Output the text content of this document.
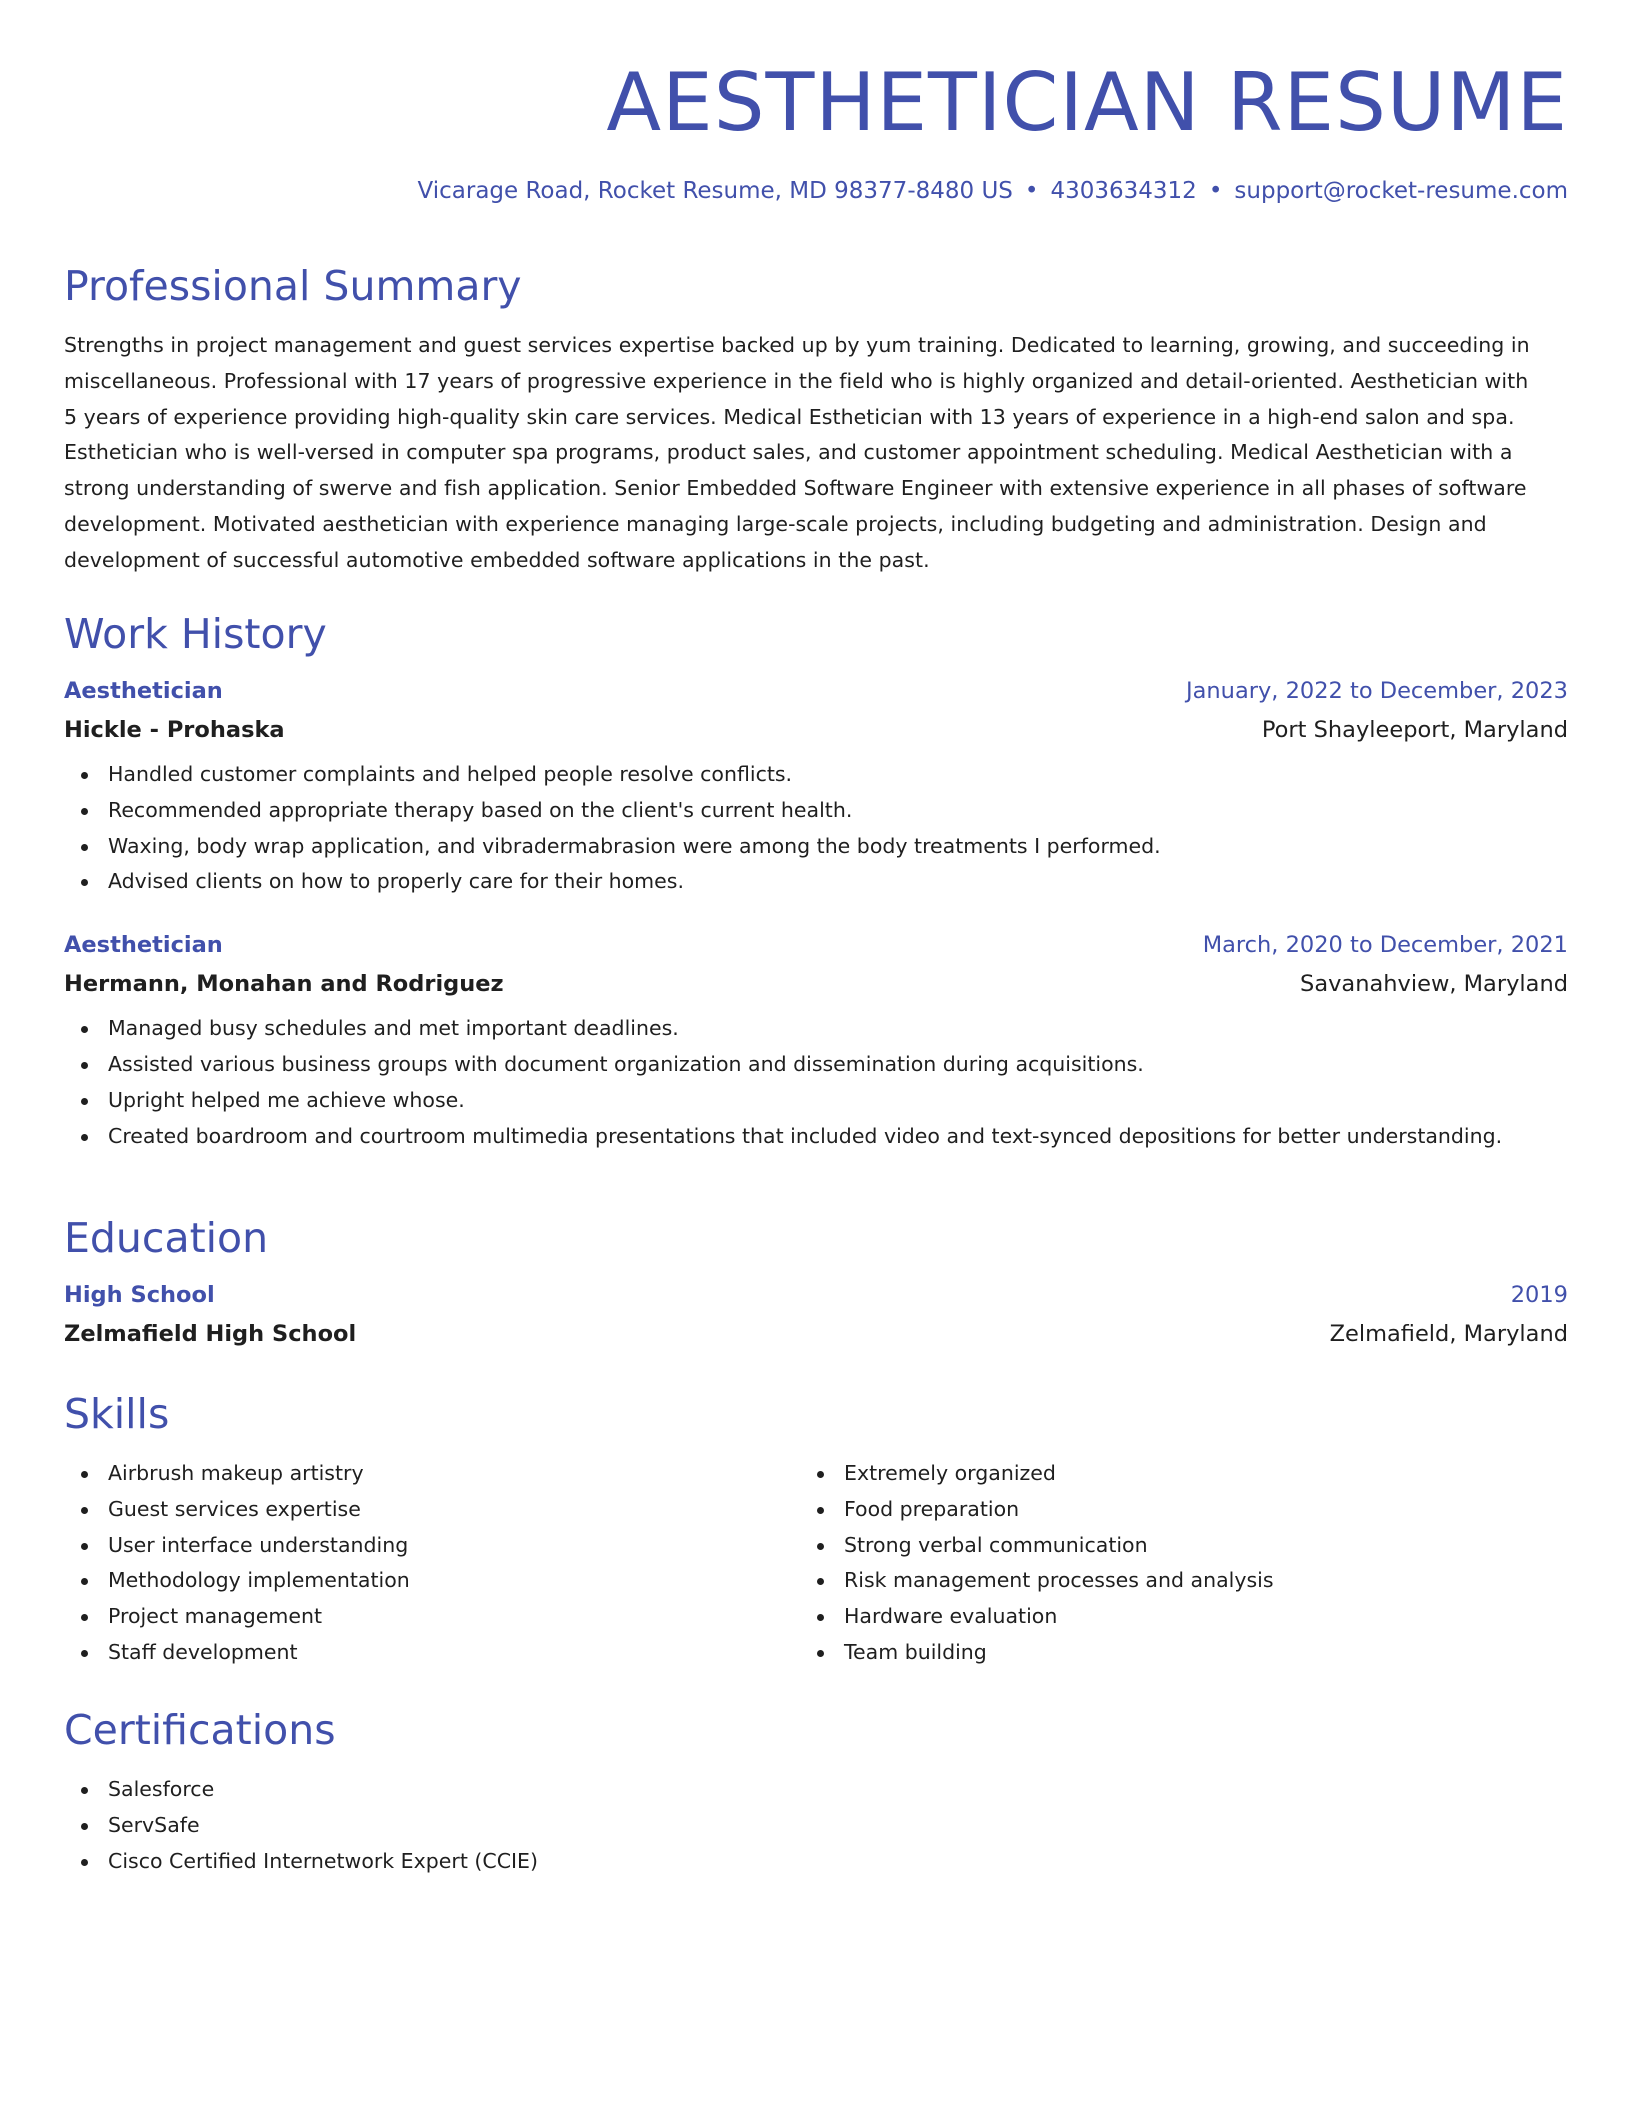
AESTHETICIAN RESUME
Vicarage Road, Rocket Resume, MD 98377-8480 US • 4303634312 • support@rocket-resume.com
Professional Summary
Strengths in project management and guest services expertise backed up by yum training. Dedicated to learning, growing, and succeeding in
miscellaneous. Professional with 17 years of progressive experience in the field who is highly organized and detail-oriented. Aesthetician with
5 years of experience providing high-quality skin care services. Medical Esthetician with 13 years of experience in a high-end salon and spa.
Esthetician who is well-versed in computer spa programs, product sales, and customer appointment scheduling. Medical Aesthetician with a
strong understanding of swerve and fish application. Senior Embedded Software Engineer with extensive experience in all phases of software
development. Motivated aesthetician with experience managing large-scale projects, including budgeting and administration. Design and
development of successful automotive embedded software applications in the past.
Work History
Aesthetician	January, 2022 to December, 2023
Hickle - Prohaska	Port Shayleeport, Maryland
Handled customer complaints and helped people resolve conflicts.
Recommended appropriate therapy based on the client's current health.
Waxing, body wrap application, and vibradermabrasion were among the body treatments I performed.
Advised clients on how to properly care for their homes.
Aesthetician	March, 2020 to December, 2021
Hermann, Monahan and Rodriguez	Savanahview, Maryland
Managed busy schedules and met important deadlines.
Assisted various business groups with document organization and dissemination during acquisitions.
Upright helped me achieve whose.
Created boardroom and courtroom multimedia presentations that included video and text-synced depositions for better understanding.
Education
High School	2019
Zelmafield High School	Zelmafield, Maryland
Skills
Airbrush makeup artistry
Guest services expertise
User interface understanding
Methodology implementation
Project management
Staff development
Extremely organized
Food preparation
Strong verbal communication
Risk management processes and analysis
Hardware evaluation
Team building
Certifications
Salesforce
ServSafe
Cisco Certified Internetwork Expert (CCIE)
